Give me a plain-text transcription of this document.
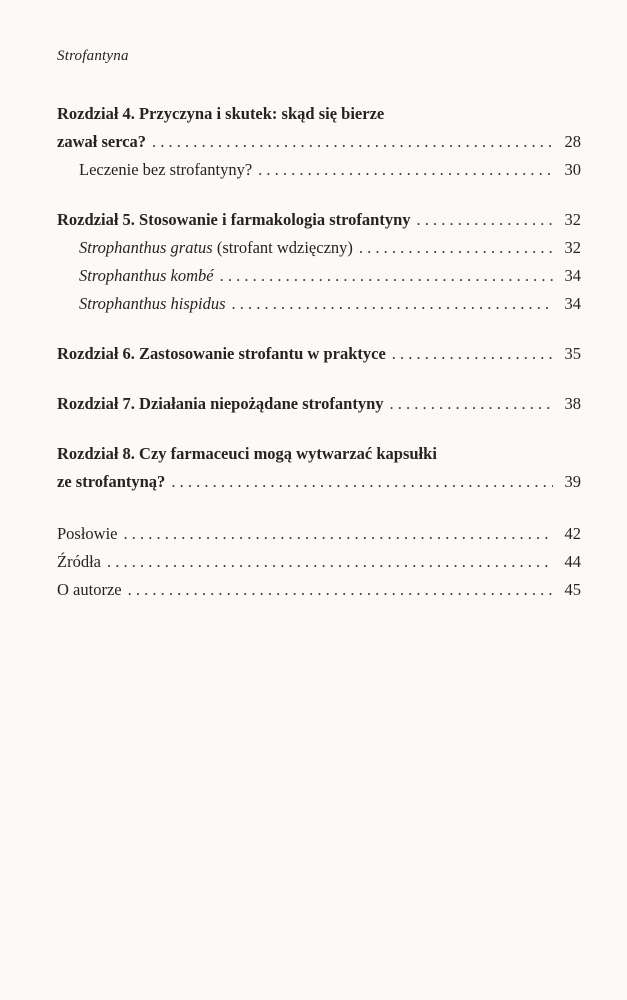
Strofantyna
Rozdział 4. Przyczyna i skutek: skąd się bierze
zawał serca? . . .	28
Leczenie bez strofantyny? . . .	30
Rozdział 5. Stosowanie i farmakologia strofantyny . . .	32
Strophanthus gratus (strofant wdzięczny) . . .	32
Strophanthus kombé . . .	34
Strophanthus hispidus . . .	34
Rozdział 6. Zastosowanie strofantu w praktyce . . .	35
Rozdział 7. Działania niepożądane strofantyny . . .	38
Rozdział 8. Czy farmaceuci mogą wytwarzać kapsułki
ze strofantyną? . . .	39
Posłowie . . .	42
Źródła . . .	44
O autorze . . .	45
